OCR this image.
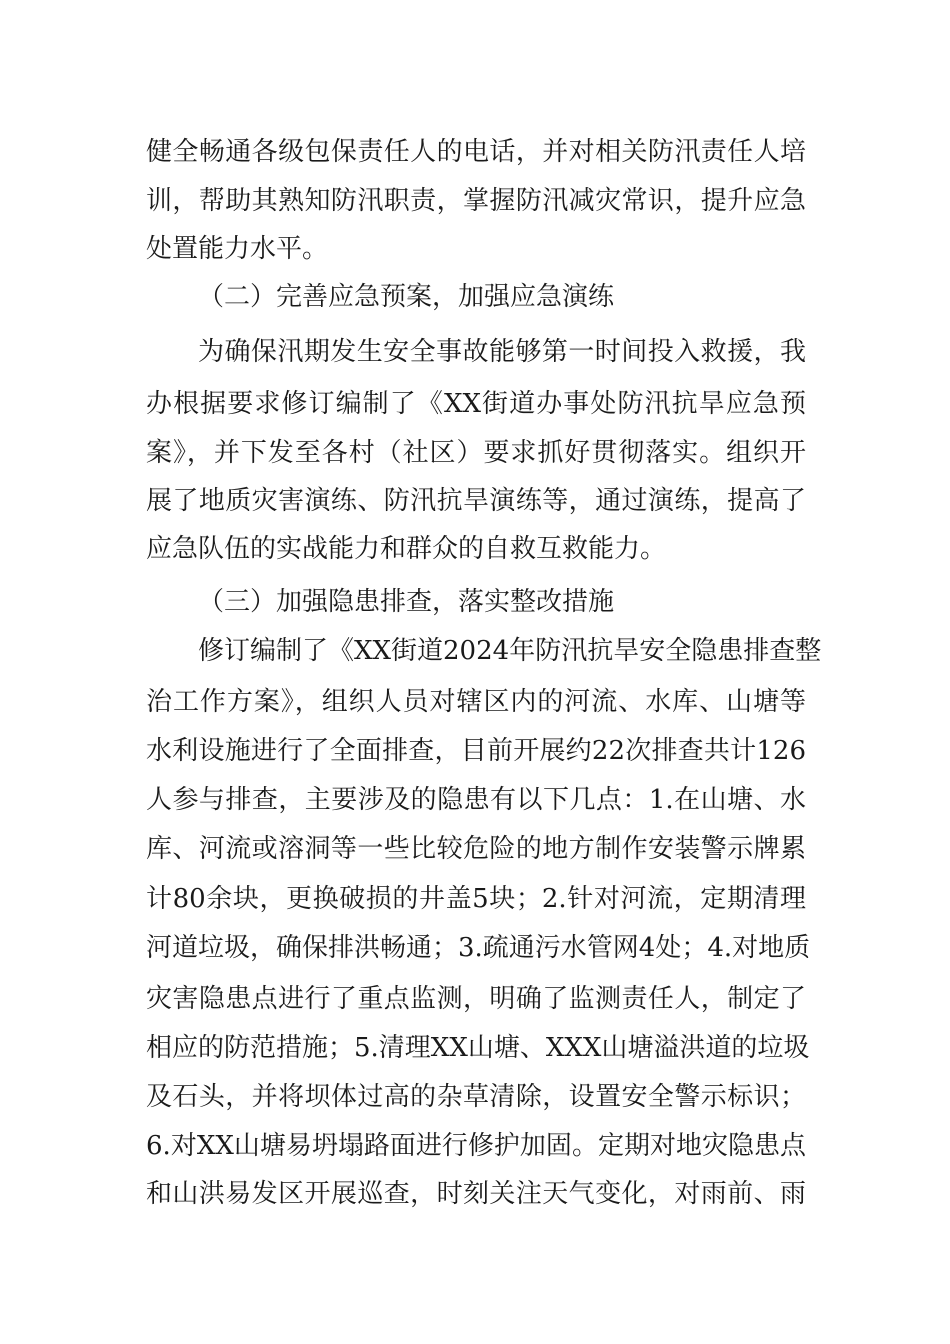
健全畅通各级包保责任人的电话，并对相关防汛责任人培
训，帮助其熟知防汛职责，掌握防汛减灾常识，提升应急
处置能力水平。
（二）完善应急预案，加强应急演练
为确保汛期发生安全事故能够第一时间投入救援，我
办根据要求修订编制了《XX街道办事处防汛抗旱应急预
案》，并下发至各村（社区）要求抓好贯彻落实。组织开
展了地质灾害演练、防汛抗旱演练等，通过演练，提高了
应急队伍的实战能力和群众的自救互救能力。
（三）加强隐患排查，落实整改措施
修订编制了《XX街道2024年防汛抗旱安全隐患排查整
治工作方案》，组织人员对辖区内的河流、水库、山塘等
水利设施进行了全面排查，目前开展约22次排查共计126
人参与排查，主要涉及的隐患有以下几点：1.在山塘、水
库、河流或溶洞等一些比较危险的地方制作安装警示牌累
计80余块，更换破损的井盖5块；2.针对河流，定期清理
河道垃圾，确保排洪畅通；3.疏通污水管网4处；4.对地质
灾害隐患点进行了重点监测，明确了监测责任人，制定了
相应的防范措施；5.清理XX山塘、XXX山塘溢洪道的垃圾
及石头，并将坝体过高的杂草清除，设置安全警示标识；
6.对XX山塘易坍塌路面进行修护加固。定期对地灾隐患点
和山洪易发区开展巡查，时刻关注天气变化，对雨前、雨
